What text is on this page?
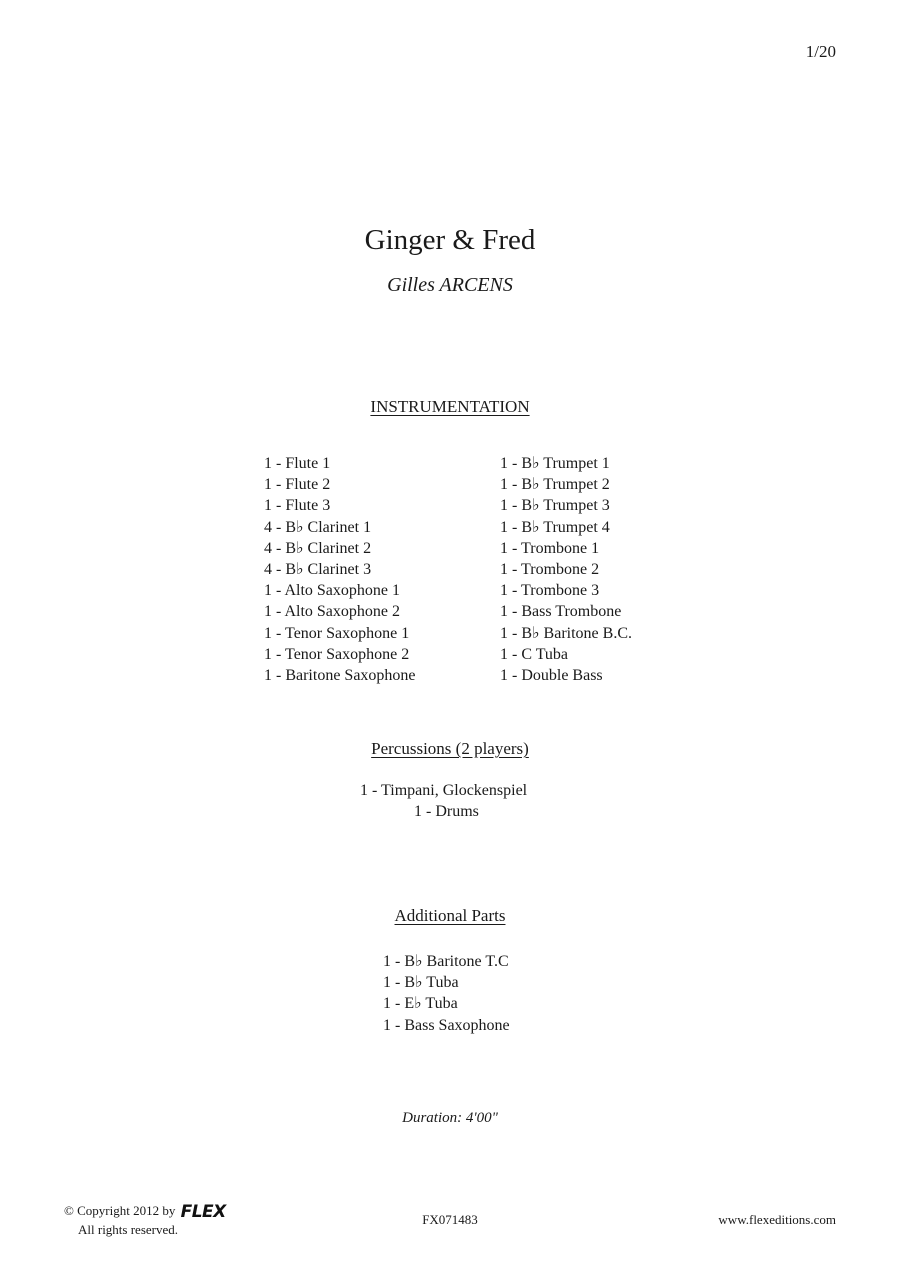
1/20
Ginger & Fred
Gilles ARCENS
INSTRUMENTATION
1 - Flute 1
1 - Flute 2
1 - Flute 3
4 - B♭ Clarinet 1
4 - B♭ Clarinet 2
4 - B♭ Clarinet 3
1 - Alto Saxophone 1
1 - Alto Saxophone 2
1 - Tenor Saxophone 1
1 - Tenor Saxophone 2
1 - Baritone Saxophone
1 - B♭ Trumpet 1
1 - B♭ Trumpet 2
1 - B♭ Trumpet 3
1 - B♭ Trumpet 4
1 - Trombone 1
1 - Trombone 2
1 - Trombone 3
1 - Bass Trombone
1 - B♭ Baritone B.C.
1 - C Tuba
1 - Double Bass
Percussions (2 players)
1 - Timpani, Glockenspiel
1 - Drums
Additional Parts
1 - B♭ Baritone T.C
1 - B♭ Tuba
1 - E♭ Tuba
1 - Bass Saxophone
Duration: 4'00"
© Copyright 2012 by FLEX
All rights reserved.
FX071483	www.flexeditions.com
